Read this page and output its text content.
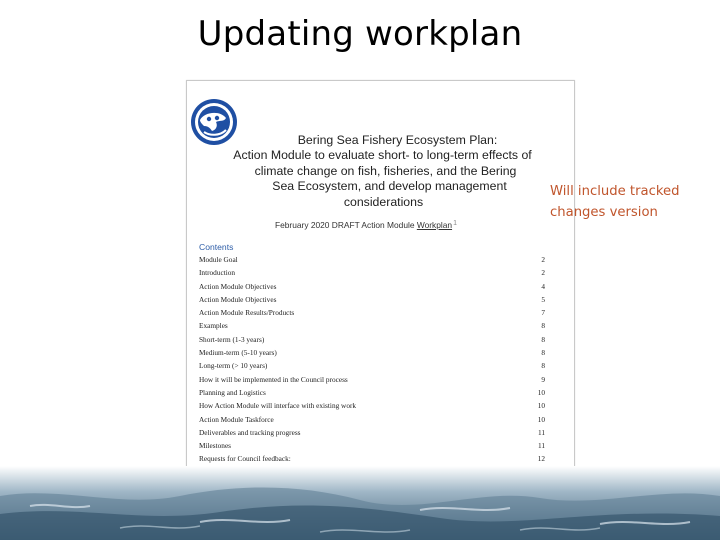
Updating workplan
Bering Sea Fishery Ecosystem Plan:
Action Module to evaluate short- to long-term effects of
climate change on fish, fisheries, and the Bering
Sea Ecosystem, and develop management
considerations
February 2020 DRAFT Action Module Workplan$^1$
Contents
Module Goal	2
Introduction	2
Action Module Objectives	4
Action Module Objectives	5
Action Module Results/Products	7
Examples	8
Short-term (1-3 years)	8
Medium-term (5-10 years)	8
Long-term (> 10 years)	8
How it will be implemented in the Council process	9
Planning and Logistics	10
How Action Module will interface with existing work	10
Action Module Taskforce	10
Deliverables and tracking progress	11
Milestones	11
Requests for Council feedback:	12
Will include tracked changes version
